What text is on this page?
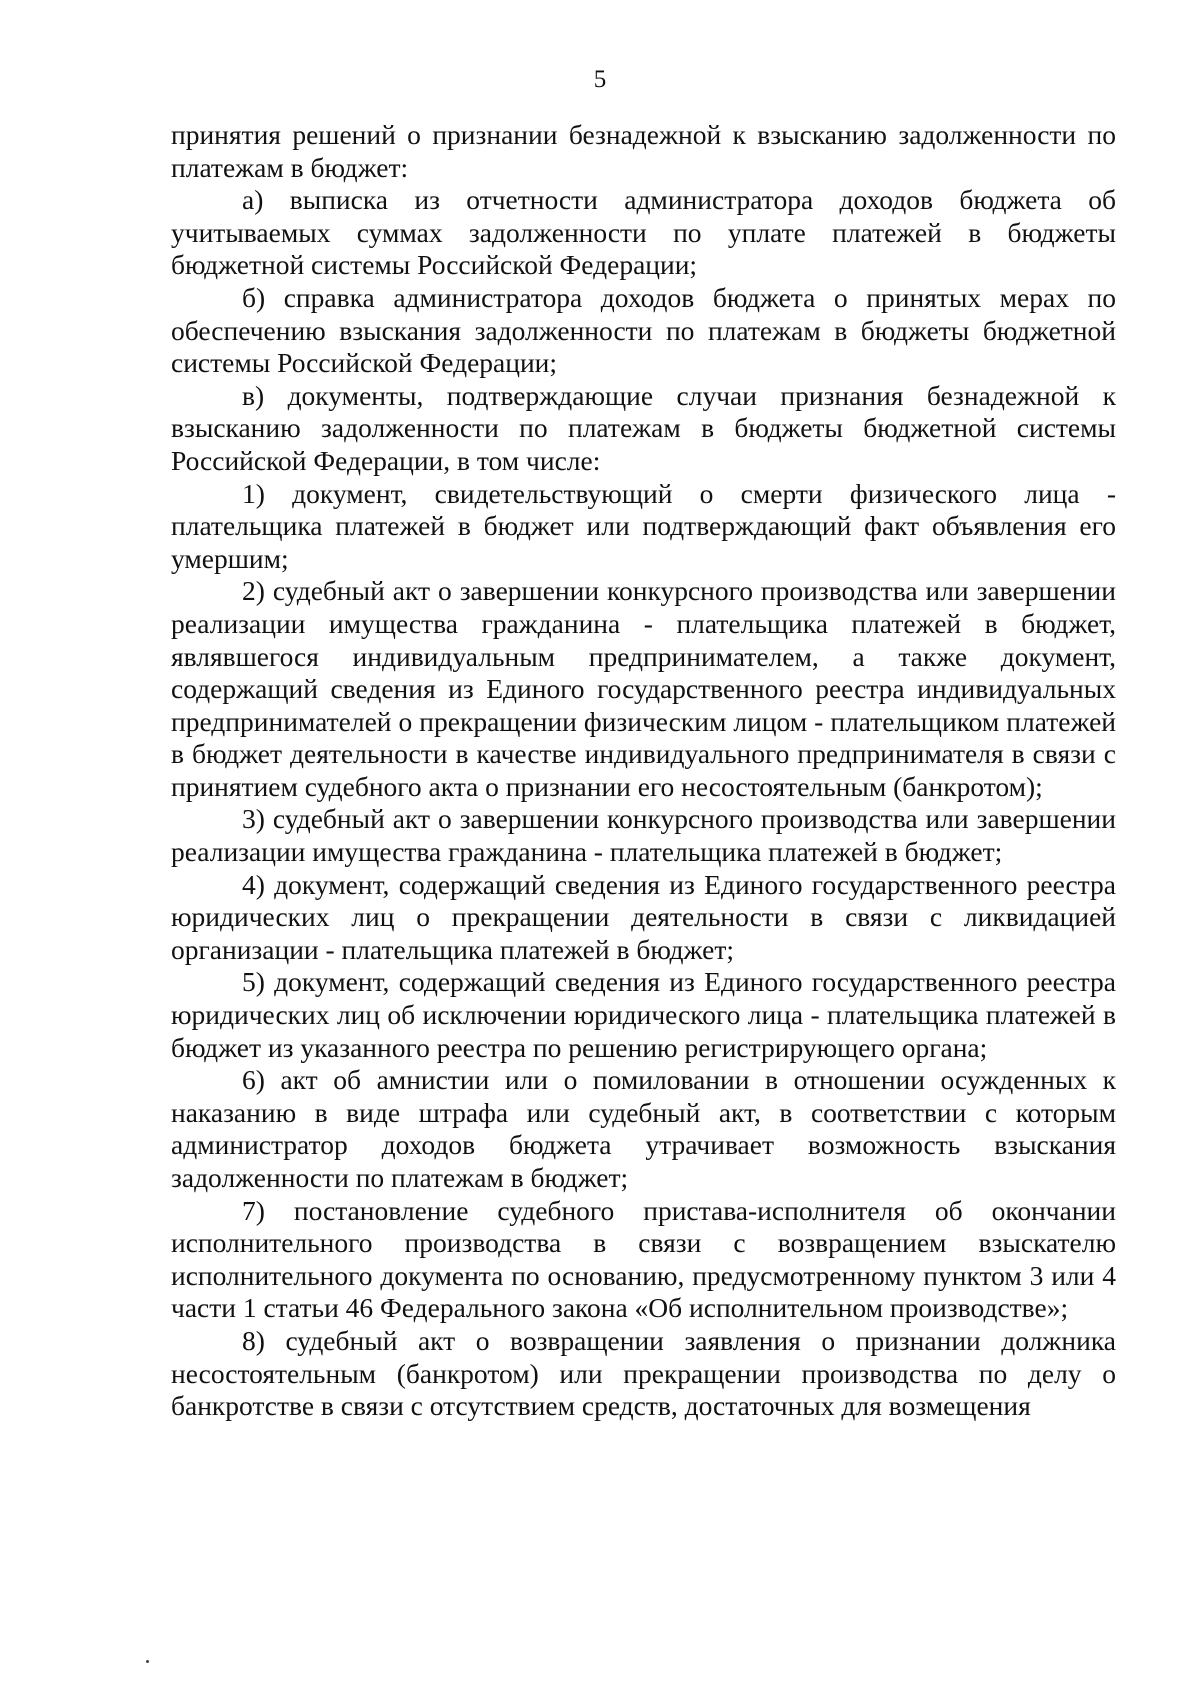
5

принятия решений о признании безнадежной к взысканию задолженности по платежам в бюджет:

а) выписка из отчетности администратора доходов бюджета об учитываемых суммах задолженности по уплате платежей в бюджеты бюджетной системы Российской Федерации;

б) справка администратора доходов бюджета о принятых мерах по обеспечению взыскания задолженности по платежам в бюджеты бюджетной системы Российской Федерации;

в) документы, подтверждающие случаи признания безнадежной к взысканию задолженности по платежам в бюджеты бюджетной системы Российской Федерации, в том числе:

1) документ, свидетельствующий о смерти физического лица - плательщика платежей в бюджет или подтверждающий факт объявления его умершим;

2) судебный акт о завершении конкурсного производства или завершении реализации имущества гражданина - плательщика платежей в бюджет, являвшегося индивидуальным предпринимателем, а также документ, содержащий сведения из Единого государственного реестра индивидуальных предпринимателей о прекращении физическим лицом - плательщиком платежей в бюджет деятельности в качестве индивидуального предпринимателя в связи с принятием судебного акта о признании его несостоятельным (банкротом);

3) судебный акт о завершении конкурсного производства или завершении реализации имущества гражданина - плательщика платежей в бюджет;

4) документ, содержащий сведения из Единого государственного реестра юридических лиц о прекращении деятельности в связи с ликвидацией организации - плательщика платежей в бюджет;

5) документ, содержащий сведения из Единого государственного реестра юридических лиц об исключении юридического лица - плательщика платежей в бюджет из указанного реестра по решению регистрирующего органа;

6) акт об амнистии или о помиловании в отношении осужденных к наказанию в виде штрафа или судебный акт, в соответствии с которым администратор доходов бюджета утрачивает возможность взыскания задолженности по платежам в бюджет;

7) постановление судебного пристава-исполнителя об окончании исполнительного производства в связи с возвращением взыскателю исполнительного документа по основанию, предусмотренному пунктом 3 или 4 части 1 статьи 46 Федерального закона «Об исполнительном производстве»;

8) судебный акт о возвращении заявления о признании должника несостоятельным (банкротом) или прекращении производства по делу о банкротстве в связи с отсутствием средств, достаточных для возмещения
